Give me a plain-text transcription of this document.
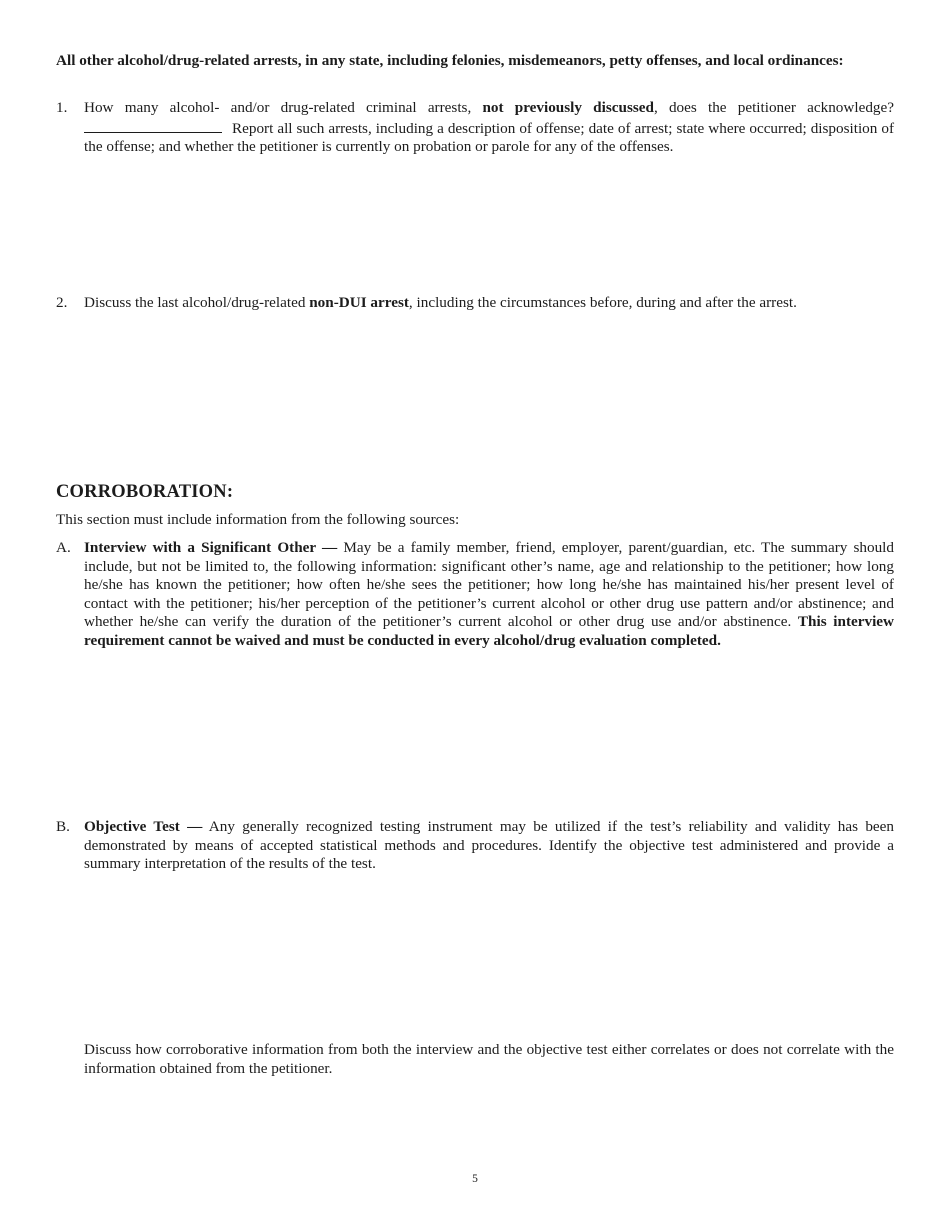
All other alcohol/drug-related arrests, in any state, including felonies, misdemeanors, petty offenses, and local ordinances:
1.	How many alcohol- and/or drug-related criminal arrests, not previously discussed, does the petitioner acknowledge? Report all such arrests, including a description of offense; date of arrest; state where occurred; disposition of the offense; and whether the petitioner is currently on probation or parole for any of the offenses.
2.	Discuss the last alcohol/drug-related non-DUI arrest, including the circumstances before, during and after the arrest.
CORROBORATION:
This section must include information from the following sources:
A. Interview with a Significant Other — May be a family member, friend, employer, parent/guardian, etc. The summary should include, but not be limited to, the following information: significant other’s name, age and relationship to the petitioner; how long he/she has known the petitioner; how often he/she sees the petitioner; how long he/she has maintained his/her present level of contact with the petitioner; his/her perception of the petitioner’s current alcohol or other drug use pattern and/or abstinence; and whether he/she can verify the duration of the petitioner’s current alcohol or other drug use and/or abstinence. This interview requirement cannot be waived and must be conducted in every alcohol/drug evaluation completed.
B. Objective Test — Any generally recognized testing instrument may be utilized if the test’s reliability and validity has been demonstrated by means of accepted statistical methods and procedures. Identify the objective test administered and provide a summary interpretation of the results of the test.
Discuss how corroborative information from both the interview and the objective test either correlates or does not correlate with the information obtained from the petitioner.
5
